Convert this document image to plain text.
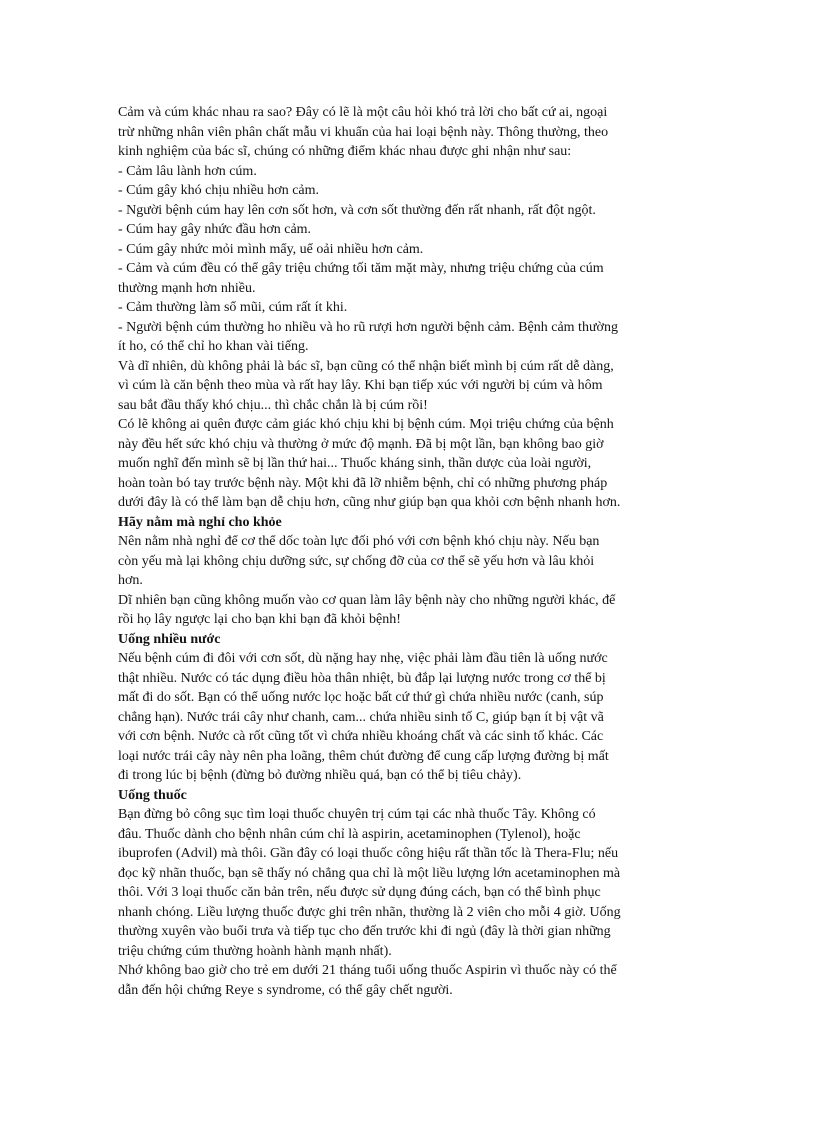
Cảm và cúm khác nhau ra sao? Đây có lẽ là một câu hỏi khó trả lời cho bất cứ ai, ngoại
trừ những nhân viên phân chất mẫu vi khuẩn của hai loại bệnh này. Thông thường, theo
kinh nghiệm của bác sĩ, chúng có những điểm khác nhau được ghi nhận như sau:
- Cảm lâu lành hơn cúm.
- Cúm gây khó chịu nhiều hơn cảm.
- Người bệnh cúm hay lên cơn sốt hơn, và cơn sốt thường đến rất nhanh, rất đột ngột.
- Cúm hay gây nhức đầu hơn cảm.
- Cúm gây nhức mỏi mình mẩy, uể oải nhiều hơn cảm.
- Cảm và cúm đều có thể gây triệu chứng tối tăm mặt mày, nhưng triệu chứng của cúm
thường mạnh hơn nhiều.
- Cảm thường làm sổ mũi, cúm rất ít khi.
- Người bệnh cúm thường ho nhiều và ho rũ rượi hơn người bệnh cảm. Bệnh cảm thường
ít ho, có thể chỉ ho khan vài tiếng.
Và dĩ nhiên, dù không phải là bác sĩ, bạn cũng có thể nhận biết mình bị cúm rất dễ dàng,
vì cúm là căn bệnh theo mùa và rất hay lây. Khi bạn tiếp xúc với người bị cúm và hôm
sau bắt đầu thấy khó chịu... thì chắc chắn là bị cúm rồi!
Có lẽ không ai quên được cảm giác khó chịu khi bị bệnh cúm. Mọi triệu chứng của bệnh
này đều hết sức khó chịu và thường ở mức độ mạnh. Đã bị một lần, bạn không bao giờ
muốn nghĩ đến mình sẽ bị lần thứ hai... Thuốc kháng sinh, thần dược của loài người,
hoàn toàn bó tay trước bệnh này. Một khi đã lỡ nhiễm bệnh, chỉ có những phương pháp
dưới đây là có thể làm bạn dễ chịu hơn, cũng như giúp bạn qua khỏi cơn bệnh nhanh hơn.
Hãy nằm mà nghỉ cho khỏe
Nên nằm nhà nghỉ để cơ thể dốc toàn lực đối phó với cơn bệnh khó chịu này. Nếu bạn
còn yếu mà lại không chịu dưỡng sức, sự chống đỡ của cơ thể sẽ yếu hơn và lâu khỏi
hơn.
Dĩ nhiên bạn cũng không muốn vào cơ quan làm lây bệnh này cho những người khác, để
rồi họ lây ngược lại cho bạn khi bạn đã khỏi bệnh!
Uống nhiều nước
Nếu bệnh cúm đi đôi với cơn sốt, dù nặng hay nhẹ, việc phải làm đầu tiên là uống nước
thật nhiều. Nước có tác dụng điều hòa thân nhiệt, bù đắp lại lượng nước trong cơ thể bị
mất đi do sốt. Bạn có thể uống nước lọc hoặc bất cứ thứ gì chứa nhiều nước (canh, súp
chẳng hạn). Nước trái cây như chanh, cam... chứa nhiều sinh tố C, giúp bạn ít bị vật vã
với cơn bệnh. Nước cà rốt cũng tốt vì chứa nhiều khoáng chất và các sinh tố khác. Các
loại nước trái cây này nên pha loãng, thêm chút đường để cung cấp lượng đường bị mất
đi trong lúc bị bệnh (đừng bỏ đường nhiều quá, bạn có thể bị tiêu chảy).
Uống thuốc
Bạn đừng bỏ công sục tìm loại thuốc chuyên trị cúm tại các nhà thuốc Tây. Không có
đâu. Thuốc dành cho bệnh nhân cúm chỉ là aspirin, acetaminophen (Tylenol), hoặc
ibuprofen (Advil) mà thôi. Gần đây có loại thuốc công hiệu rất thần tốc là Thera-Flu; nếu
đọc kỹ nhãn thuốc, bạn sẽ thấy nó chẳng qua chỉ là một liều lượng lớn acetaminophen mà
thôi. Với 3 loại thuốc căn bản trên, nếu được sử dụng đúng cách, bạn có thể bình phục
nhanh chóng. Liều lượng thuốc được ghi trên nhãn, thường là 2 viên cho mỗi 4 giờ. Uống
thường xuyên vào buổi trưa và tiếp tục cho đến trước khi đi ngủ (đây là thời gian những
triệu chứng cúm thường hoành hành mạnh nhất).
Nhớ không bao giờ cho trẻ em dưới 21 tháng tuổi uống thuốc Aspirin vì thuốc này có thể
dẫn đến hội chứng Reye s syndrome, có thể gây chết người.
